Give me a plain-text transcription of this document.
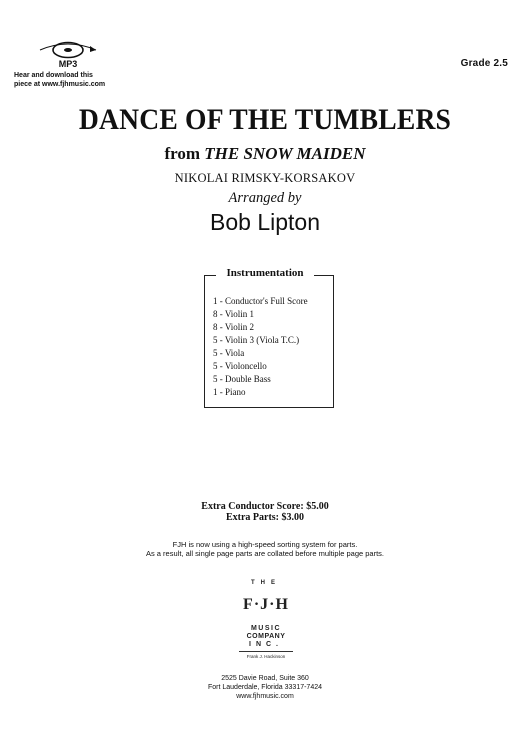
MP3
Hear and download this
piece at www.fjhmusic.com
Grade 2.5
DANCE OF THE TUMBLERS
from THE SNOW MAIDEN
NIKOLAI RIMSKY-KORSAKOV
Arranged by
Bob Lipton
1 - Conductor's Full Score
8 - Violin 1
8 - Violin 2
5 - Violin 3 (Viola T.C.)
5 - Viola
5 - Violoncello
5 - Double Bass
1 - Piano
Instrumentation
Extra Conductor Score: $5.00
Extra Parts: $3.00
FJH is now using a high-speed sorting system for parts.
As a result, all single page parts are collated before multiple page parts.
THE
F·J·H
MUSIC
COMPANY
INC.
Frank J. Hackinson
2525 Davie Road, Suite 360
Fort Lauderdale, Florida 33317-7424
www.fjhmusic.com
